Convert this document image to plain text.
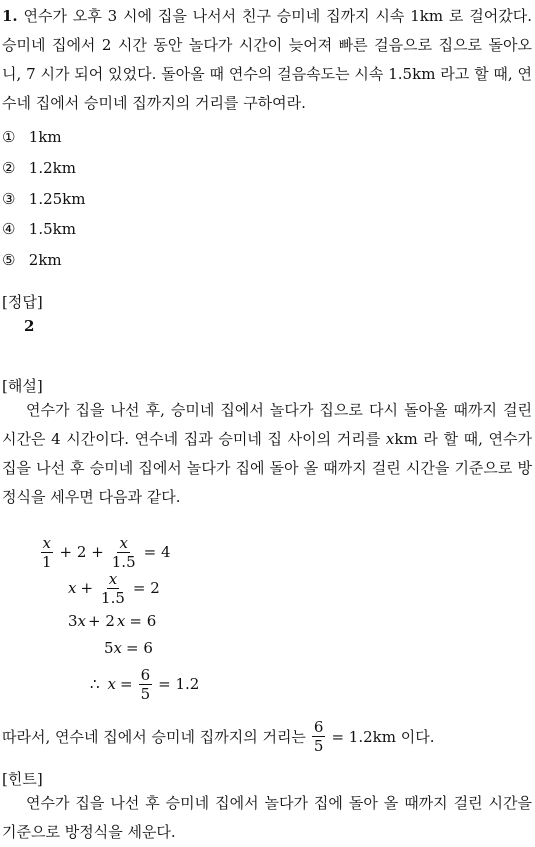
1. 연수가 오후 3 시에 집을 나서서 친구 승미네 집까지 시속 1km 로 걸어갔다. 승미네 집에서 2 시간 동안 놀다가 시간이 늦어져 빠른 걸음으로 집으로 돌아오니, 7 시가 되어 있었다. 돌아올 때 연수의 걸음속도는 시속 1.5km 라고 할 때, 연수네 집에서 승미네 집까지의 거리를 구하여라.
① 1km
② 1.2km
③ 1.25km
④ 1.5km
⑤ 2km
[정답]
2
[해설]
연수가 집을 나선 후, 승미네 집에서 놀다가 집으로 다시 돌아올 때까지 걸린 시간은 4 시간이다. 연수네 집과 승미네 집 사이의 거리를 xkm 라 할 때, 연수가 집을 나선 후 승미네 집에서 놀다가 집에 돌아 올 때까지 걸린 시간을 기준으로 방정식을 세우면 다음과 같다.
$\frac{x}{1} + 2 + \frac{x}{1.5} = 4$
$x + \frac{x}{1.5} = 2$
3 x + 2 x = 6
5 x = 6
∴ $x = \frac{6}{5} = 1.2$
따라서, 연수네 집에서 승미네 집까지의 거리는 $\frac{6}{5} = 1.2km$ 이다.
[힌트]
연수가 집을 나선 후 승미네 집에서 놀다가 집에 돌아 올 때까지 걸린 시간을 기준으로 방정식을 세운다.
